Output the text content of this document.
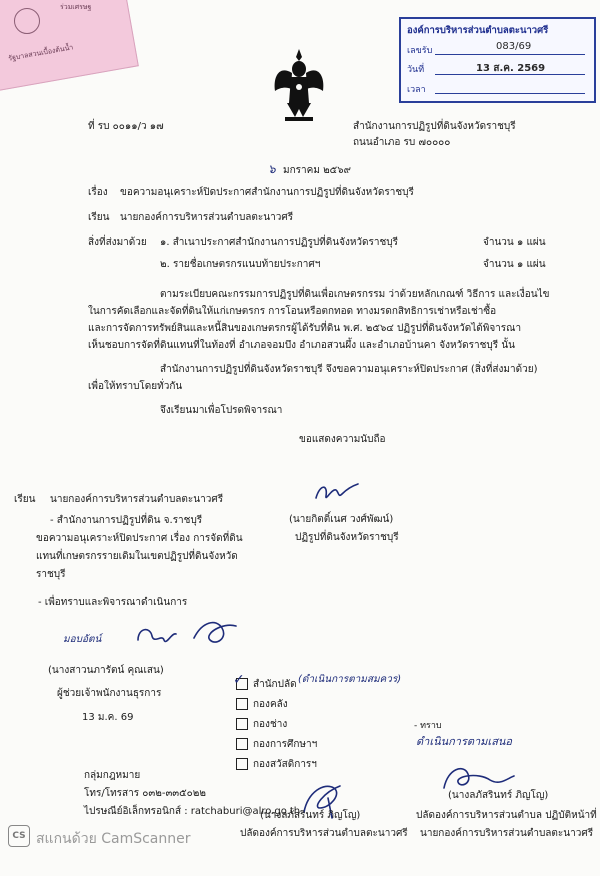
ร่วมเศรษฐ
รัฐบาลสวนเบื้องต้นน้ำ
องค์การบริหารส่วนตำบลตะนาวศรี
เลขรับ	083/69
วันที่	13 ส.ค. 2569
เวลา
ที่ รบ ๐๐๑๑/ว ๑๗	สำนักงานการปฏิรูปที่ดินจังหวัดราชบุรี
ถนนอำเภอ รบ ๗๐๐๐๐
๖ มกราคม ๒๕๖๙
เรื่อง ขอความอนุเคราะห์ปิดประกาศสำนักงานการปฏิรูปที่ดินจังหวัดราชบุรี
เรียน นายกองค์การบริหารส่วนตำบลตะนาวศรี
สิ่งที่ส่งมาด้วย ๑. สำเนาประกาศสำนักงานการปฏิรูปที่ดินจังหวัดราชบุรี	จำนวน ๑ แผ่น
๒. รายชื่อเกษตรกรแนบท้ายประกาศฯ	จำนวน ๑ แผ่น
ตามระเบียบคณะกรรมการปฏิรูปที่ดินเพื่อเกษตรกรรม ว่าด้วยหลักเกณฑ์ วิธีการ และเงื่อนไข
ในการคัดเลือกและจัดที่ดินให้แก่เกษตรกร การโอนหรือตกทอด ทางมรดกสิทธิการเช่าหรือเช่าซื้อ
และการจัดการทรัพย์สินและหนี้สินของเกษตรกรผู้ได้รับที่ดิน พ.ศ. ๒๕๖๔ ปฏิรูปที่ดินจังหวัดได้พิจารณา
เห็นชอบการจัดที่ดินแทนที่ในท้องที่ อำเภอจอมบึง อำเภอสวนผึ้ง และอำเภอบ้านคา จังหวัดราชบุรี นั้น
สำนักงานการปฏิรูปที่ดินจังหวัดราชบุรี จึงขอความอนุเคราะห์ปิดประกาศ (สิ่งที่ส่งมาด้วย)
เพื่อให้ทราบโดยทั่วกัน
จึงเรียนมาเพื่อโปรดพิจารณา
ขอแสดงความนับถือ
(นายกิตติ์เนศ วงศ์พัฒน์)
ปฏิรูปที่ดินจังหวัดราชบุรี
เรียน นายกองค์การบริหารส่วนตำบลตะนาวศรี
- สำนักงานการปฏิรูปที่ดิน จ.ราชบุรี
ขอความอนุเคราะห์ปิดประกาศ เรื่อง การจัดที่ดิน
แทนที่เกษตรกรรายเดิมในเขตปฏิรูปที่ดินจังหวัด
ราชบุรี
- เพื่อทราบและพิจารณาดำเนินการ
มอบอัตน์
(นางสาวนภารัตน์ คุณเสน)
ผู้ช่วยเจ้าพนักงานธุรการ
13 ม.ค. 69
✓ สำนักปลัด (ดำเนินการตามสมควร)
กองคลัง
กองช่าง
กองการศึกษาฯ
กองสวัสดิการฯ
(นางลภัสรินทร์ ภิญโญ)
ปลัดองค์การบริหารส่วนตำบลตะนาวศรี
- ทราบ
ดำเนินการตามเสนอ
(นางลภัสรินทร์ ภิญโญ)
ปลัดองค์การบริหารส่วนตำบล ปฏิบัติหน้าที่
นายกองค์การบริหารส่วนตำบลตะนาวศรี
กลุ่มกฎหมาย
โทร/โทรสาร ๐๓๒-๓๓๕๐๒๒
ไปรษณีย์อิเล็กทรอนิกส์ : ratchaburi@alro.go.th
CS สแกนด้วย CamScanner
